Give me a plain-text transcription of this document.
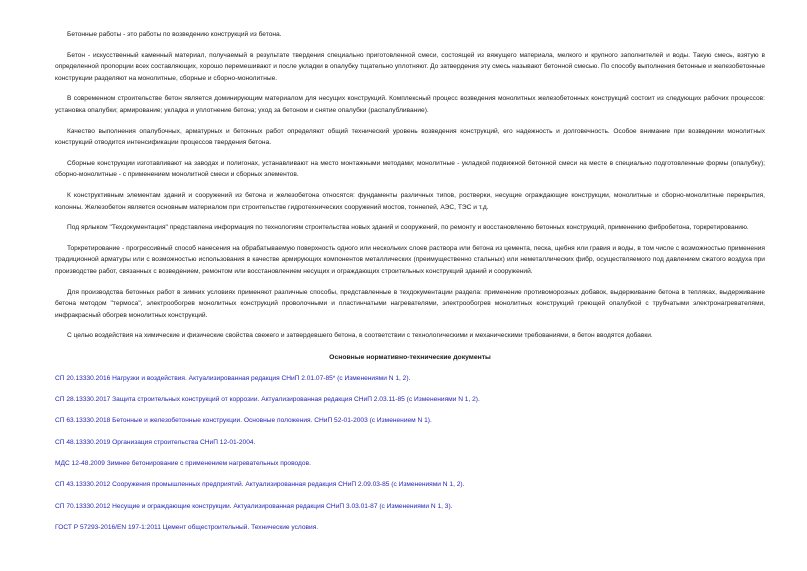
Бетонные работы - это работы по возведению конструкций из бетона.

Бетон - искусственный каменный материал, получаемый в результате твердения специально приготовленной смеси, состоящей из вяжущего материала, мелкого и крупного заполнителей и воды. Такую смесь, взятую в определенной пропорции всех составляющих, хорошо перемешивают и после укладки в опалубку тщательно уплотняют. До затвердения эту смесь называют бетонной смесью. По способу выполнения бетонные и железобетонные конструкции разделяют на монолитные, сборные и сборно-монолитные.

В современном строительстве бетон является доминирующим материалом для несущих конструкций. Комплексный процесс возведения монолитных железобетонных конструкций состоит из следующих рабочих процессов: установка опалубки; армирование; укладка и уплотнение бетона; уход за бетоном и снятие опалубки (распалубливание).

Качество выполнения опалубочных, арматурных и бетонных работ определяют общий технический уровень возведения конструкций, его надежность и долговечность. Особое внимание при возведении монолитных конструкций отводится интенсификации процессов твердения бетона.

Сборные конструкции изготавливают на заводах и полигонах, устанавливают на место монтажными методами; монолитные - укладкой подвижной бетонной смеси на месте в специально подготовленные формы (опалубку); сборно-монолитные - с применением монолитной смеси и сборных элементов.

К конструктивным элементам зданий и сооружений из бетона и железобетона относятся: фундаменты различных типов, ростверки, несущие ограждающие конструкции, монолитные и сборно-монолитные перекрытия, колонны. Железобетон является основным материалом при строительстве гидротехнических сооружений мостов, тоннелей, АЭС, ТЭС и т.д.

Под ярлыком "Техдокументация" представлена информация по технологиям строительства новых зданий и сооружений, по ремонту и восстановлению бетонных конструкций, применению фибробетона, торкретированию.

Торкретирование - прогрессивный способ нанесения на обрабатываемую поверхность одного или нескольких слоев раствора или бетона из цемента, песка, щебня или гравия и воды, в том числе с возможностью применения традиционной арматуры или с возможностью использования в качестве армирующих компонентов металлических (преимущественно стальных) или неметаллических фибр, осуществляемого под давлением сжатого воздуха при производстве работ, связанных с возведением, ремонтом или восстановлением несущих и ограждающих строительных конструкций зданий и сооружений.

Для производства бетонных работ в зимних условиях применяют различные способы, представленные в техдокументации раздела: применение противоморозных добавок, выдерживание бетона в тепляках, выдерживание бетона методом "термоса", электрообогрев монолитных конструкций проволочными и пластинчатыми нагревателями, электрообогрев монолитных конструкций греющей опалубкой с трубчатыми электронагревателями, инфракрасный обогрев монолитных конструкций.

С целью воздействия на химические и физические свойства свежего и затвердевшего бетона, в соответствии с технологическими и механическими требованиями, в бетон вводятся добавки.

Основные нормативно-технические документы
СП 20.13330.2016 Нагрузки и воздействия. Актуализированная редакция СНиП 2.01.07-85* (с Изменениями N 1, 2).
СП 28.13330.2017 Защита строительных конструкций от коррозии. Актуализированная редакция СНиП 2.03.11-85 (с Изменениями N 1, 2).
СП 63.13330.2018 Бетонные и железобетонные конструкции. Основные положения. СНиП 52-01-2003 (с Изменением N 1).
СП 48.13330.2019 Организация строительства СНиП 12-01-2004.
МДС 12-48.2009 Зимнее бетонирование с применением нагревательных проводов.
СП 43.13330.2012 Сооружения промышленных предприятий. Актуализированная редакция СНиП 2.09.03-85 (с Изменениями N 1, 2).
СП 70.13330.2012 Несущие и ограждающие конструкции. Актуализированная редакция СНиП 3.03.01-87 (с Изменениями N 1, 3).
ГОСТ Р 57293-2016/EN 197-1:2011 Цемент общестроительный. Технические условия.
